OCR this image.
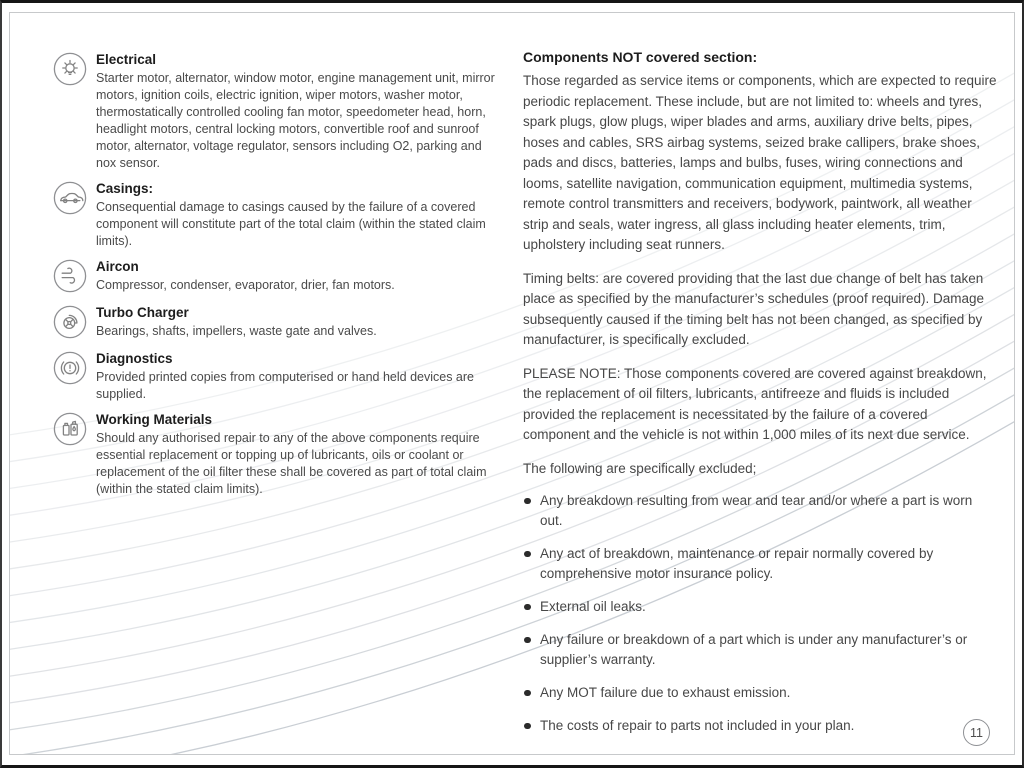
Electrical
Starter motor, alternator, window motor, engine management unit, mirror motors, ignition coils, electric ignition, wiper motors, washer motor, thermostatically controlled cooling fan motor, speedometer head, horn, headlight motors, central locking motors, convertible roof and sunroof motor, alternator, voltage regulator, sensors including O2, parking and nox sensor.
Casings:
Consequential damage to casings caused by the failure of a covered component will constitute part of the total claim (within the stated claim limits).
Aircon
Compressor, condenser, evaporator, drier, fan motors.
Turbo Charger
Bearings, shafts, impellers, waste gate and valves.
Diagnostics
Provided printed copies from computerised or hand held devices are supplied.
Working Materials
Should any authorised repair to any of the above components require essential replacement or topping up of lubricants, oils or coolant or replacement of the oil filter these shall be covered as part of total claim (within the stated claim limits).
Components NOT covered section:
Those regarded as service items or components, which are expected to require periodic replacement. These include, but are not limited to: wheels and tyres, spark plugs, glow plugs, wiper blades and arms, auxiliary drive belts, pipes, hoses and cables, SRS airbag systems, seized brake callipers, brake shoes, pads and discs, batteries, lamps and bulbs, fuses, wiring connections and looms, satellite navigation, communication equipment, multimedia systems, remote control transmitters and receivers, bodywork, paintwork, all weather strip and seals, water ingress, all glass including heater elements, trim, upholstery including seat runners.
Timing belts: are covered providing that the last due change of belt has taken place as specified by the manufacturer’s schedules (proof required). Damage subsequently caused if the timing belt has not been changed, as specified by manufacturer, is specifically excluded.
PLEASE NOTE: Those components covered are covered against breakdown, the replacement of oil filters, lubricants, antifreeze and fluids is included provided the replacement is necessitated by the failure of a covered component and the vehicle is not within 1,000 miles of its next due service.
The following are specifically excluded;
Any breakdown resulting from wear and tear and/or where a part is worn out.
Any act of breakdown, maintenance or repair normally covered by comprehensive motor insurance policy.
External oil leaks.
Any failure or breakdown of a part which is under any manufacturer’s or supplier’s warranty.
Any MOT failure due to exhaust emission.
The costs of repair to parts not included in your plan.	11
